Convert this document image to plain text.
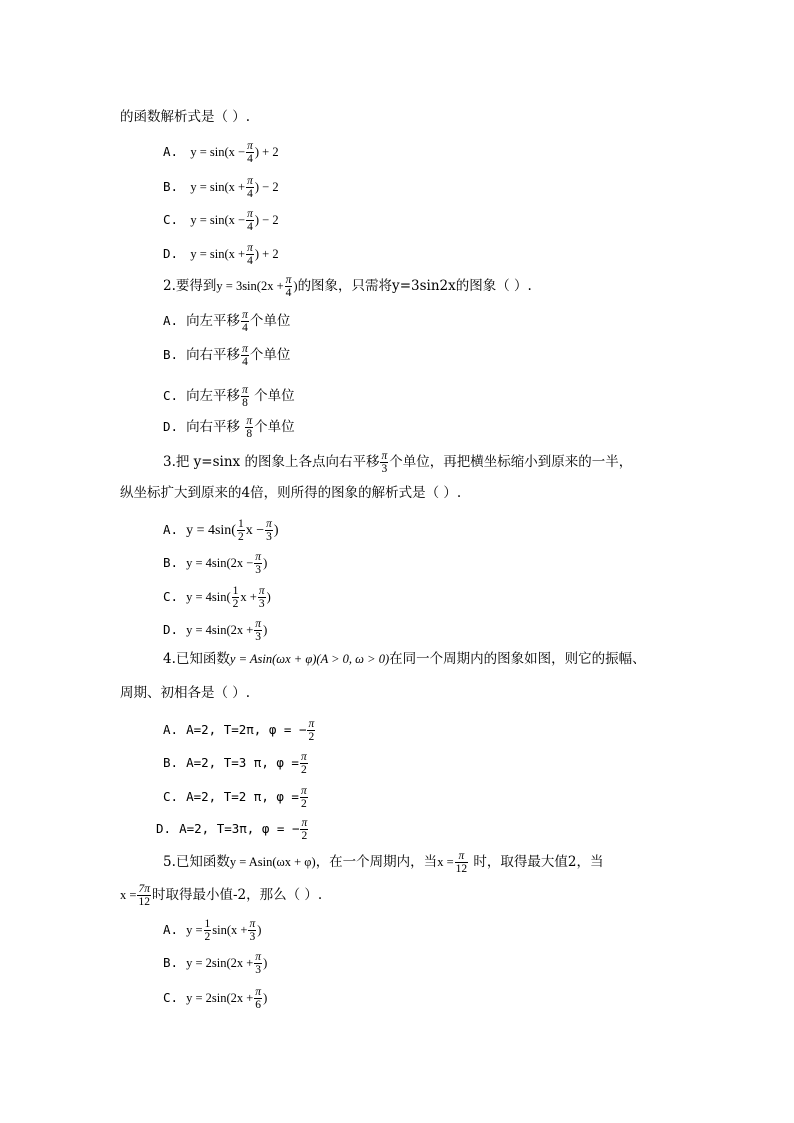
的函数解析式是（ ）.
A. $y = \sin(x - \frac{\pi}{4}$ ) + 2
B. $y = \sin(x + \frac{\pi}{4}$ ) − 2
C. $y = \sin(x - \frac{\pi}{4}$ ) − 2
D. $y = \sin(x + \frac{\pi}{4}$ ) + 2
2.要得到$y = 3\sin(2x + \frac{\pi}{4}$ )的图象，只需将y=3sin2x的图象（ ）.
A. 向左平移 $\frac{\pi}{4}$ 个单位
B. 向右平移 $\frac{\pi}{4}$ 个单位
C. 向左平移 $\frac{\pi}{8}$ 个单位
D. 向右平移 $\frac{\pi}{8}$ 个单位
3.把 y=sinx 的图象上各点向右平移 $\frac{\pi}{3}$ 个单位，再把横坐标缩小到原来的一半，
纵坐标扩大到原来的4倍，则所得的图象的解析式是（ ）.
A. $y = 4\sin( \frac{1}{2}$ $x - \frac{\pi}{3}$ )
B. $y = 4\sin(2x - \frac{\pi}{3}$ )
C. $y = 4\sin( \frac{1}{2}$ $x + \frac{\pi}{3}$ )
D. $y = 4\sin(2x + \frac{\pi}{3}$ )
4.已知函数y = Asin(ωx + φ)(A > 0, ω > 0)在同一个周期内的图象如图，则它的振幅、
周期、初相各是（ ）.
A. A=2, T=2π, φ = − $\frac{\pi}{2}$
B. A=2, T=3 π, $\varphi = \frac{\pi}{2}$
C. A=2, T=2 π, $\varphi = \frac{\pi}{2}$
D. A=2, T=3π, φ = − $\frac{\pi}{2}$
5.已知函数y = Asin(ωx + φ)，在一个周期内，当$x = \frac{\pi}{12}$ 时，取得最大值2，当
$x = \frac{7\pi}{12}$ 时取得最小值-2，那么（ ）.
A. $y = \frac{1}{2} \sin(x + \frac{\pi}{3}$ )
B. $y = 2\sin(2x + \frac{\pi}{3}$ )
C. $y = 2\sin(2x + \frac{\pi}{6}$ )
